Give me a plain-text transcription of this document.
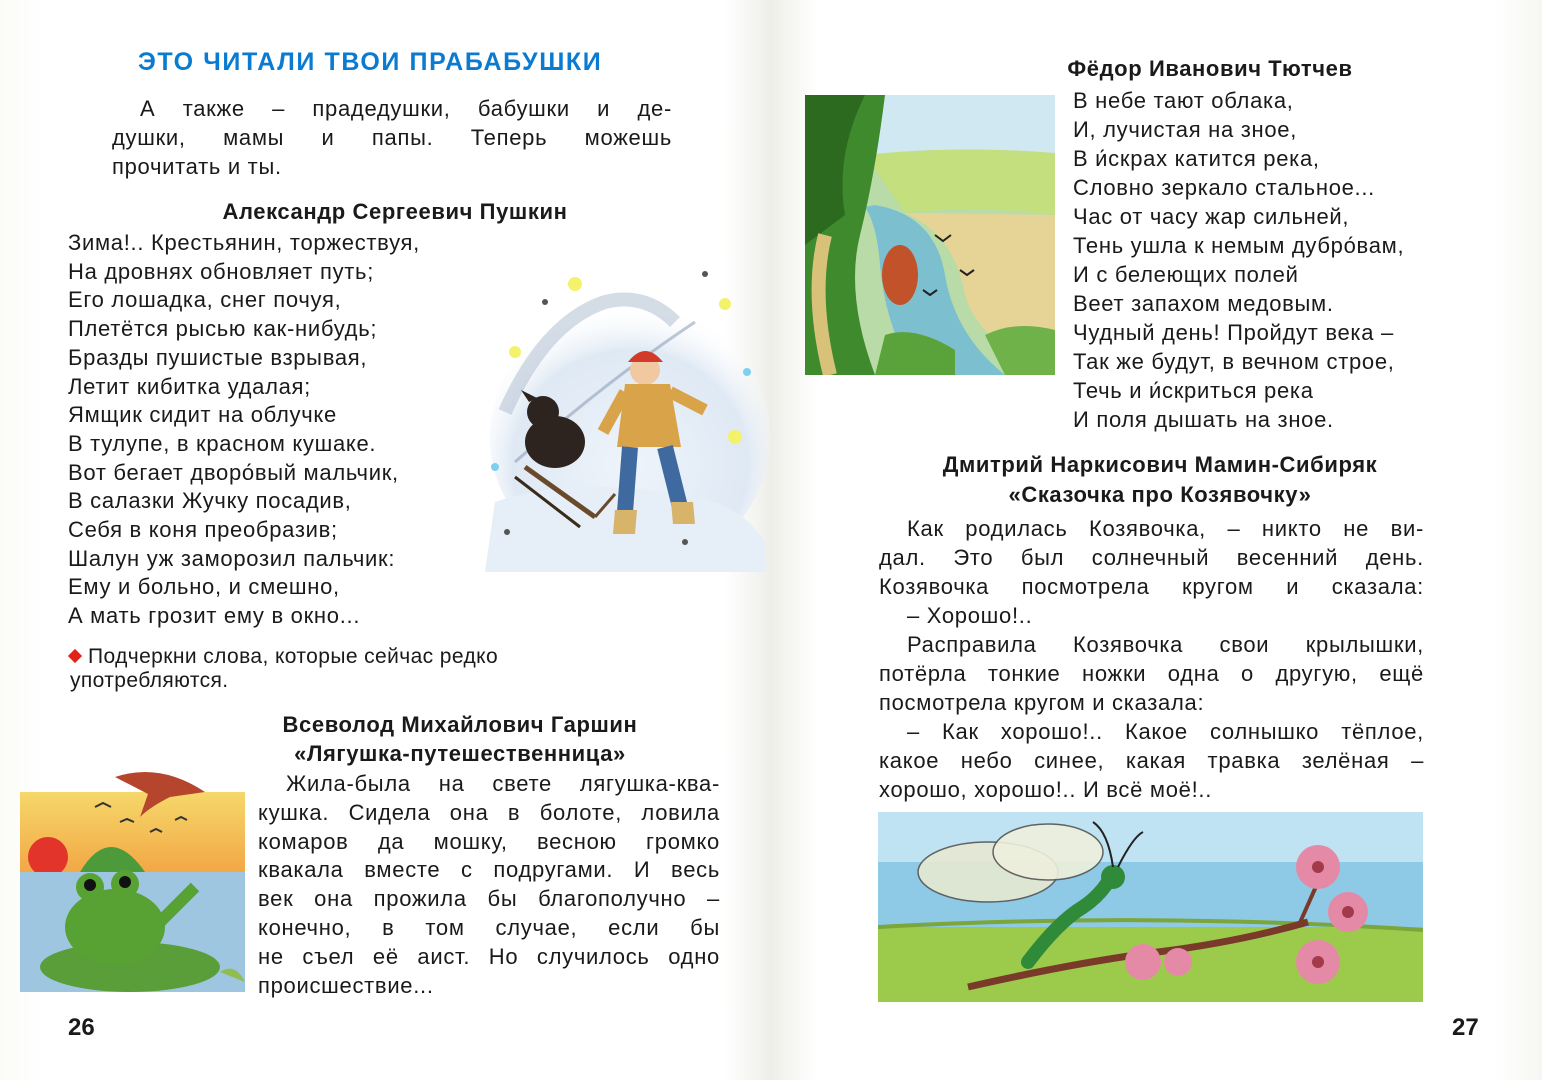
ЭТО ЧИТАЛИ ТВОИ ПРАБАБУШКИ
А также – прадедушки, бабушки и де-
душки, мамы и папы. Теперь можешь
прочитать и ты.
Александр Сергеевич Пушкин
Зима!.. Крестьянин, торжествуя,
На дровнях обновляет путь;
Его лошадка, снег почуя,
Плетётся рысью как-нибудь;
Бразды пушистые взрывая,
Летит кибитка удалая;
Ямщик сидит на облучке
В тулупе, в красном кушаке.
Вот бегает дворо́вый мальчик,
В салазки Жучку посадив,
Себя в коня преобразив;
Шалун уж заморозил пальчик:
Ему и больно, и смешно,
А мать грозит ему в окно...
Подчеркни слова, которые сейчас редко
употребляются.
Всеволод Михайлович Гаршин
«Лягушка-путешественница»
Жила-была на свете лягушка-ква-
кушка. Сидела она в болоте, ловила
комаров да мошку, весною громко
квакала вместе с подругами. И весь
век она прожила бы благополучно –
конечно, в том случае, если бы
не съел её аист. Но случилось одно
происшествие...
26
Фёдор Иванович Тютчев
В небе тают облака,
И, лучистая на зное,
В и́скрах катится река,
Словно зеркало стальное...
Час от часу жар сильней,
Тень ушла к немым дубро́вам,
И с белеющих полей
Веет запахом медовым.
Чудный день! Пройдут века –
Так же будут, в вечном строе,
Течь и и́скриться река
И поля дышать на зное.
Дмитрий Наркисович Мамин-Сибиряк
«Сказочка про Козявочку»
Как родилась Козявочка, – никто не ви-
дал. Это был солнечный весенний день.
Козявочка посмотрела кругом и сказала:
– Хорошо!..
Расправила Козявочка свои крылышки,
потёрла тонкие ножки одна о другую, ещё
посмотрела кругом и сказала:
– Как хорошо!.. Какое солнышко тёплое,
какое небо синее, какая травка зелёная –
хорошо, хорошо!.. И всё моё!..
27
